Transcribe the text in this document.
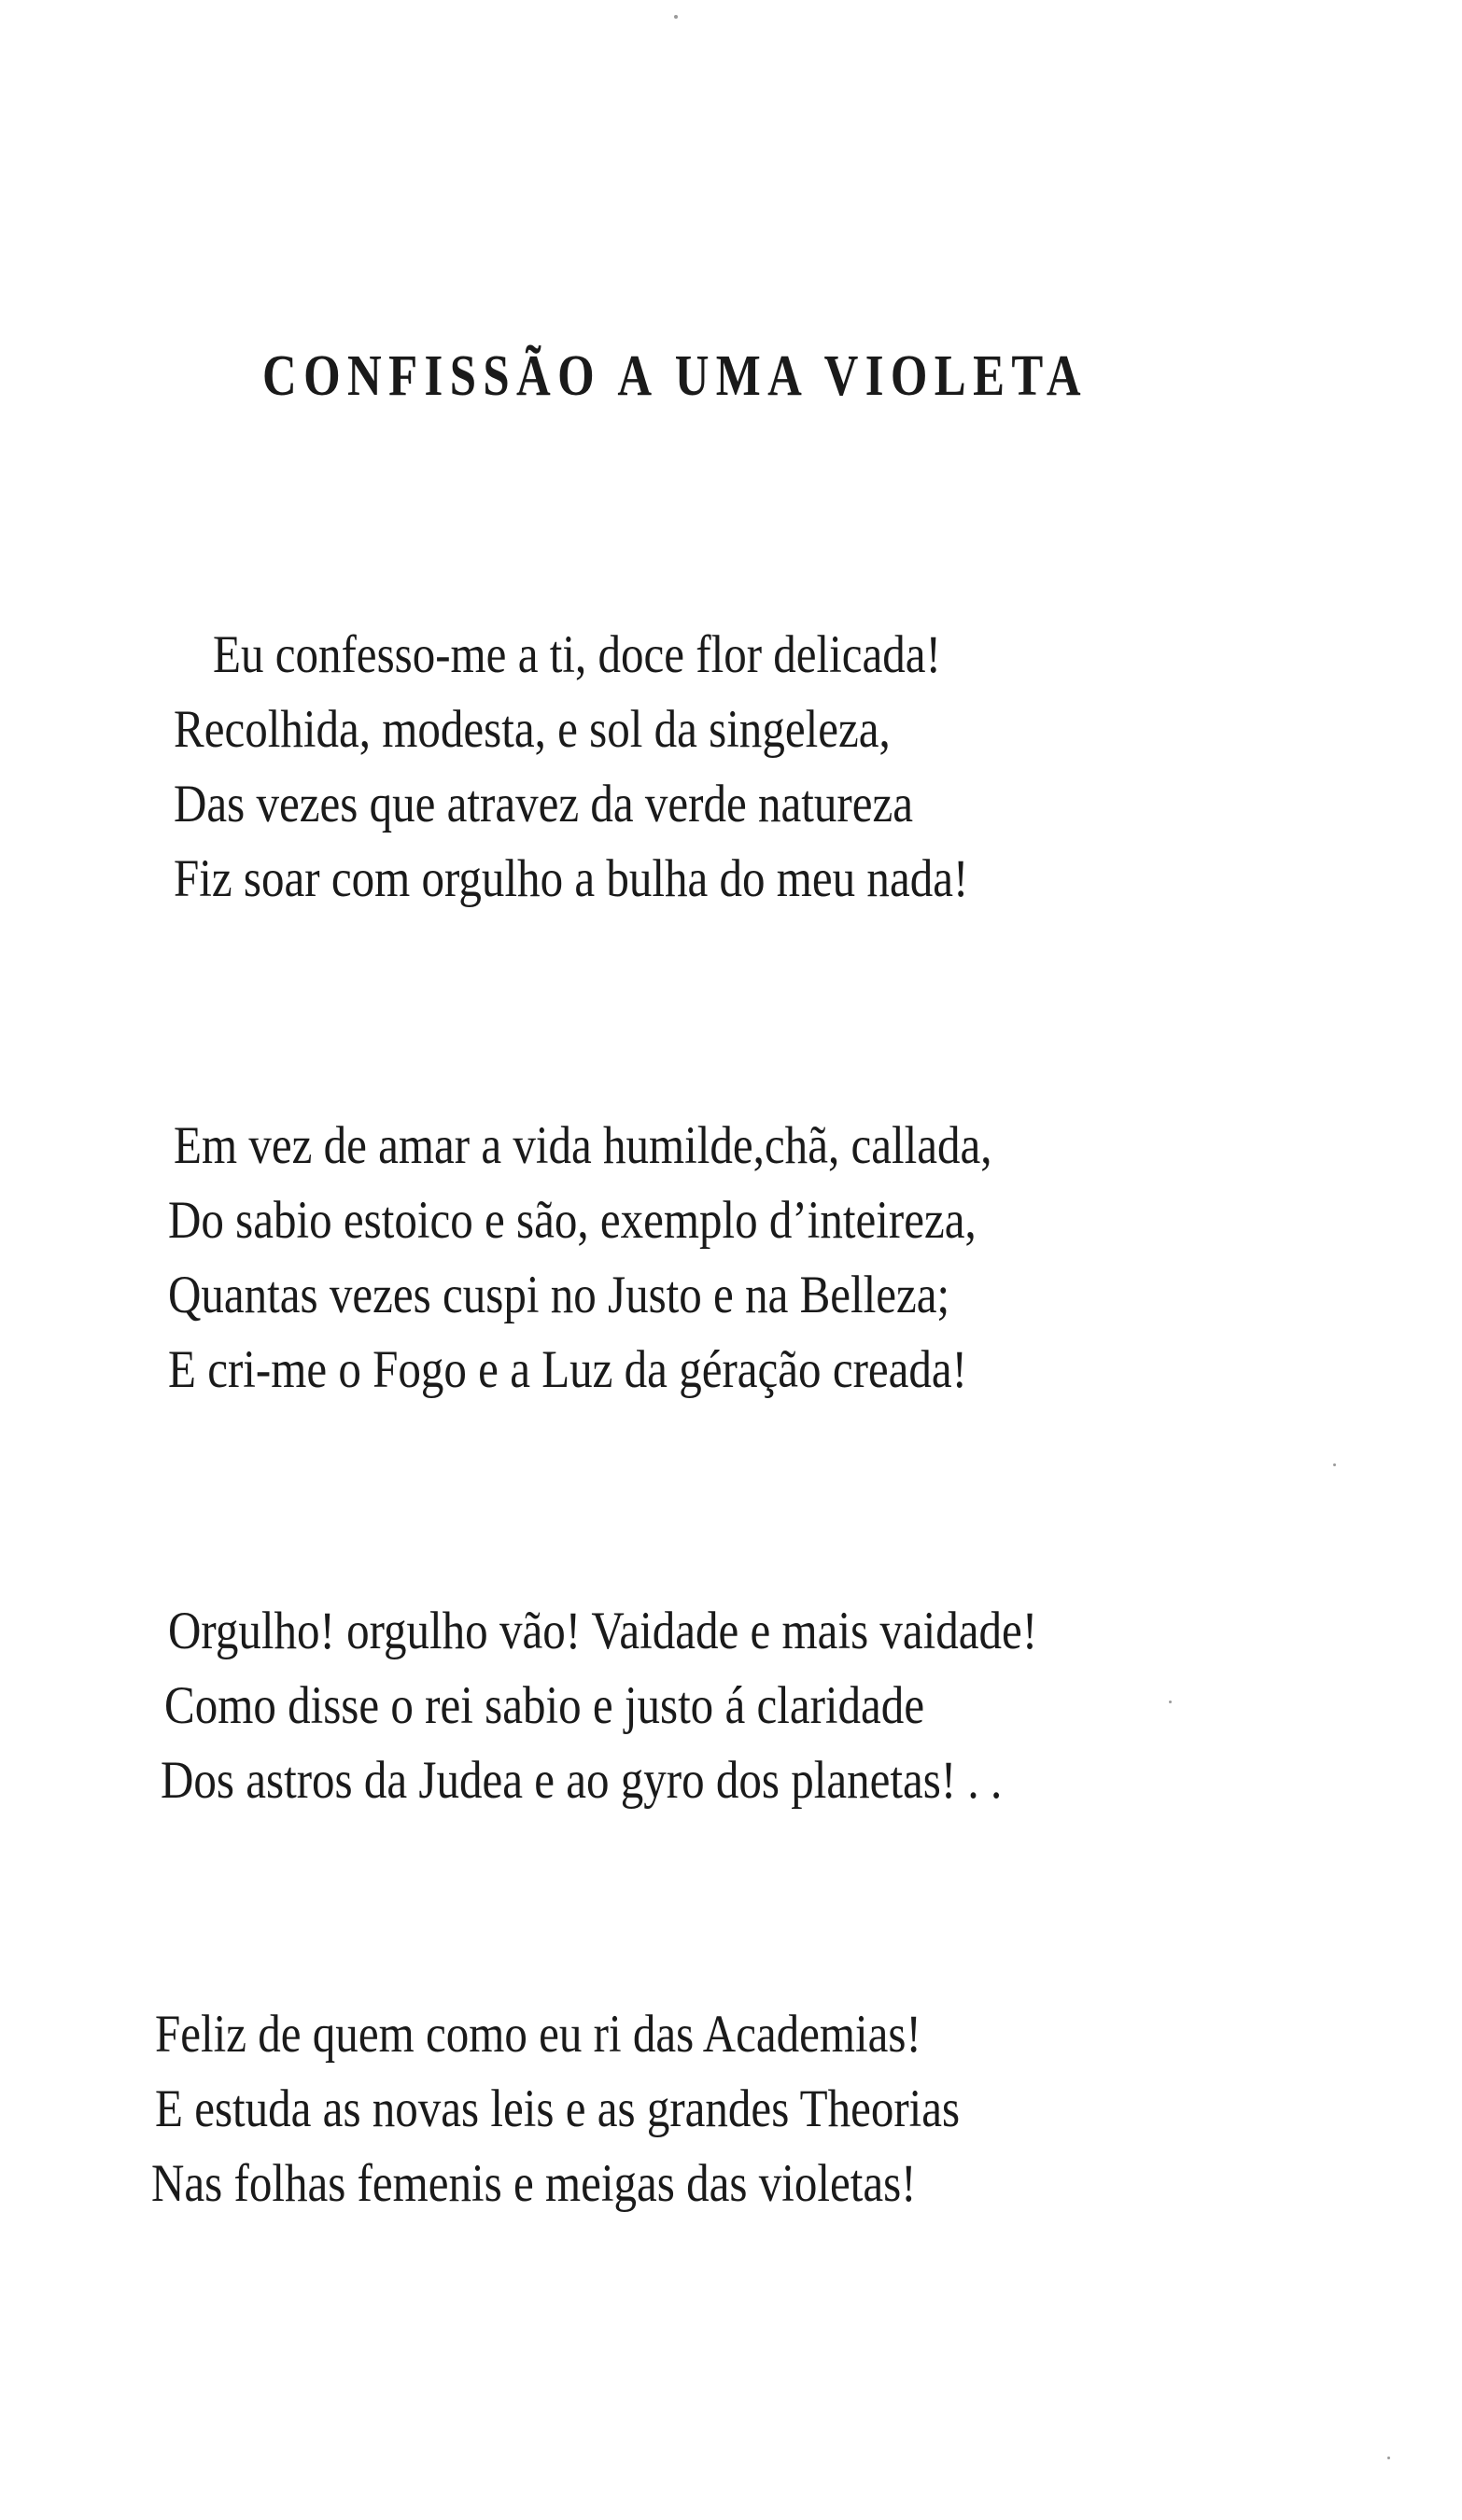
CONFISSÃO A UMA VIOLETA
Eu confesso-me a ti, doce flor delicada!
Recolhida, modesta, e sol da singeleza,
Das vezes que atravez da verde natureza
Fiz soar com orgulho a bulha do meu nada!
Em vez de amar a vida humilde,chã, callada,
Do sabio estoico e são, exemplo d’inteireza,
Quantas vezes cuspi no Justo e na Belleza;
E cri-me o Fogo e a Luz da géração creada!
Orgulho! orgulho vão! Vaidade e mais vaidade!
Como disse o rei sabio e justo á claridade
Dos astros da Judea e ao gyro dos planetas! . .
Feliz de quem como eu ri das Academias!
E estuda as novas leis e as grandes Theorias
Nas folhas femenis e meigas das violetas!
